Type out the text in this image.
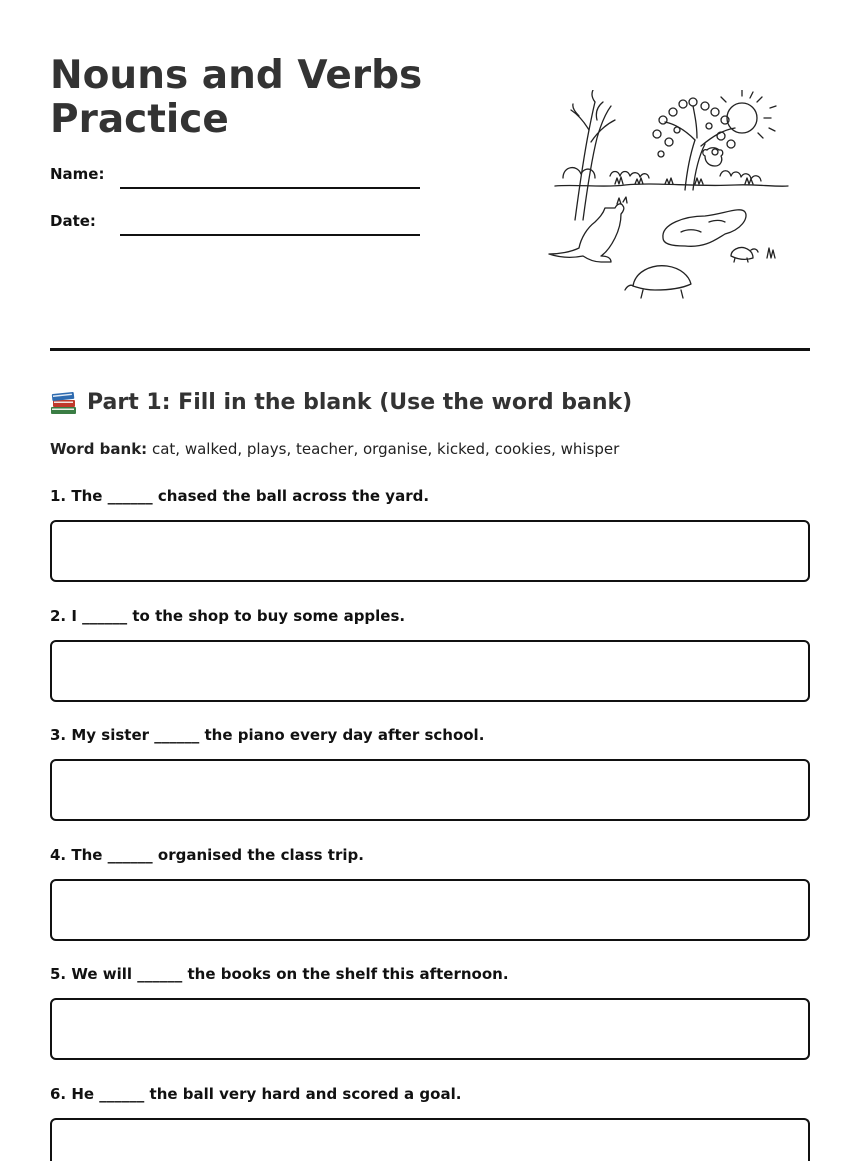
Nouns and Verbs
Practice
Name:
Date:
Part 1: Fill in the blank (Use the word bank)
Word bank: cat, walked, plays, teacher, organise, kicked, cookies, whisper
1. The ______ chased the ball across the yard.
2. I ______ to the shop to buy some apples.
3. My sister ______ the piano every day after school.
4. The ______ organised the class trip.
5. We will ______ the books on the shelf this afternoon.
6. He ______ the ball very hard and scored a goal.
